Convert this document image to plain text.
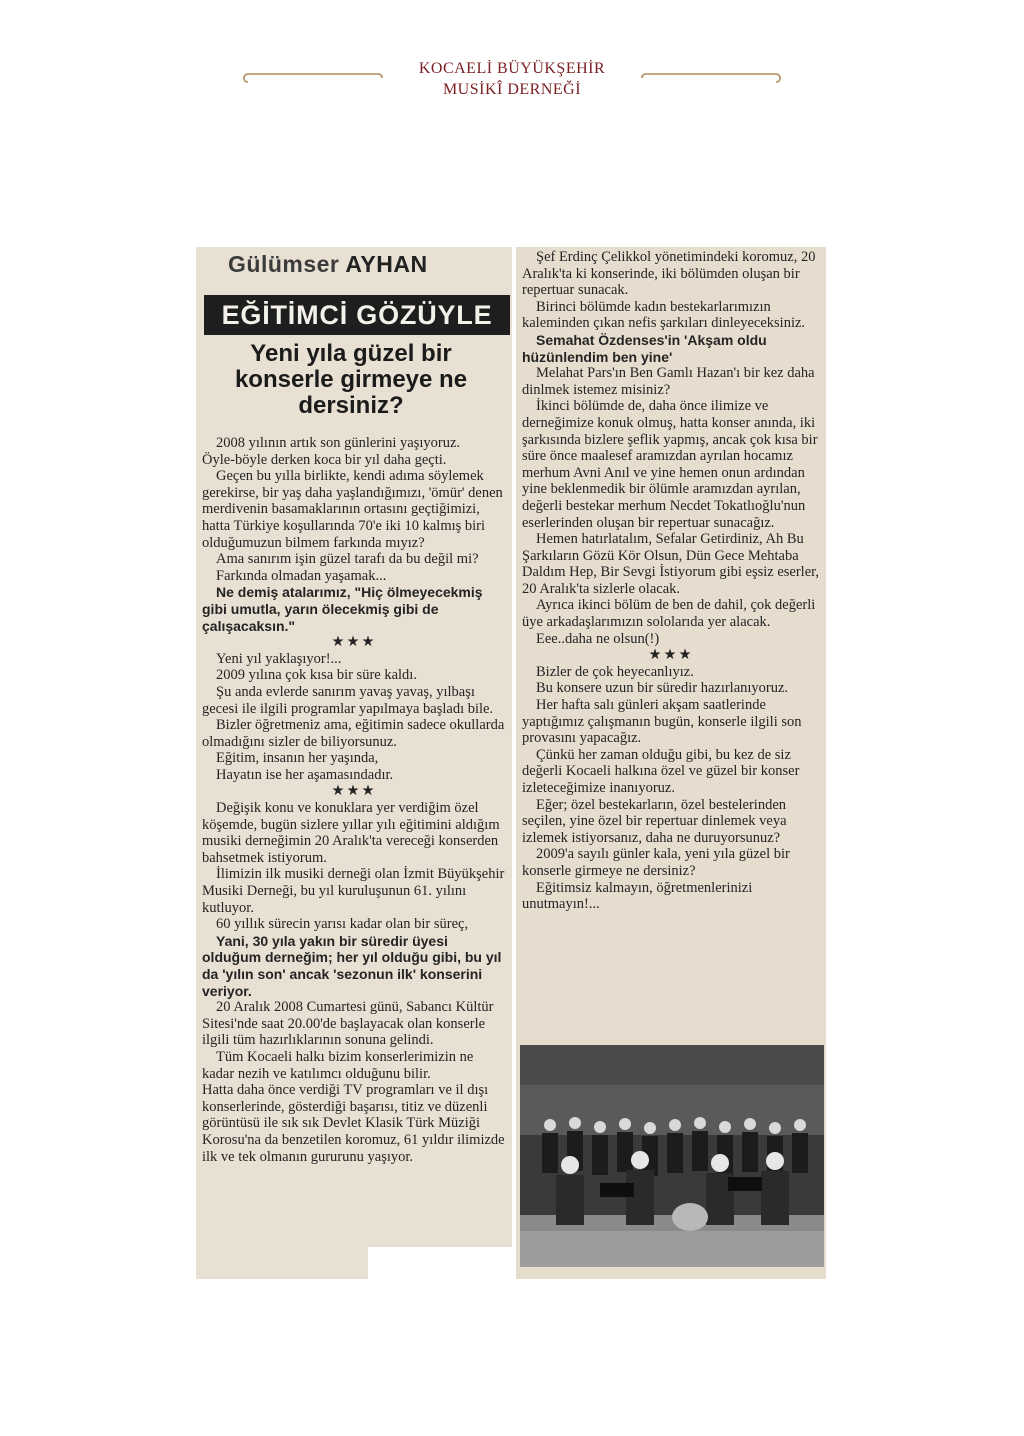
KOCAELİ BÜYÜKŞEHİR
MUSİKÎ DERNEĞİ
Gülümser AYHAN
EĞİTİMCİ GÖZÜYLE
Yeni yıla güzel bir konserle girmeye ne dersiniz?

2008 yılının artık son günlerini yaşıyoruz.

Öyle-böyle derken koca bir yıl daha geçti.

Geçen bu yılla birlikte, kendi adıma söylemek gerekirse, bir yaş daha yaşlandığımızı, 'ömür' denen merdivenin basamaklarının ortasını geçtiğimizi, hatta Türkiye koşullarında 70'e iki 10 kalmış biri olduğumuzun bilmem farkında mıyız?

Ama sanırım işin güzel tarafı da bu değil mi?

Farkında olmadan yaşamak...

Ne demiş atalarımız, "Hiç ölmeyecekmiş gibi umutla, yarın ölecekmiş gibi de çalışacaksın."

★★★

Yeni yıl yaklaşıyor!...

2009 yılına çok kısa bir süre kaldı.

Şu anda evlerde sanırım yavaş yavaş, yılbaşı gecesi ile ilgili programlar yapılmaya başladı bile.

Bizler öğretmeniz ama, eğitimin sadece okullarda olmadığını sizler de biliyorsunuz.

Eğitim, insanın her yaşında,

Hayatın ise her aşamasındadır.

★★★

Değişik konu ve konuklara yer verdiğim özel köşemde, bugün sizlere yıllar yılı eğitimini aldığım musiki derneğimin 20 Aralık'ta vereceği konserden bahsetmek istiyorum.

İlimizin ilk musiki derneği olan İzmit Büyükşehir Musiki Derneği, bu yıl kuruluşunun 61. yılını kutluyor.

60 yıllık sürecin yarısı kadar olan bir süreç,

Yani, 30 yıla yakın bir süredir üyesi olduğum derneğim; her yıl olduğu gibi, bu yıl da 'yılın son' ancak 'sezonun ilk' konserini veriyor.

20 Aralık 2008 Cumartesi günü, Sabancı Kültür Sitesi'nde saat 20.00'de başlayacak olan konserle ilgili tüm hazırlıklarının sonuna gelindi.

Tüm Kocaeli halkı bizim konserlerimizin ne kadar nezih ve katılımcı olduğunu bilir.

Hatta daha önce verdiği TV programları ve il dışı konserlerinde, gösterdiği başarısı, titiz ve düzenli görüntüsü ile sık sık Devlet Klasik Türk Müziği Korosu'na da benzetilen koromuz, 61 yıldır ilimizde ilk ve tek olmanın gururunu yaşıyor.

Şef Erdinç Çelikkol yönetimindeki koromuz, 20 Aralık'ta ki konserinde, iki bölümden oluşan bir repertuar sunacak.

Birinci bölümde kadın bestekarlarımızın kaleminden çıkan nefis şarkıları dinleyeceksiniz.

Semahat Özdenses'in 'Akşam oldu hüzünlendim ben yine'

Melahat Pars'ın Ben Gamlı Hazan'ı bir kez daha dinlmek istemez misiniz?

İkinci bölümde de, daha önce ilimize ve derneğimize konuk olmuş, hatta konser anında, iki şarkısında bizlere şeflik yapmış, ancak çok kısa bir süre önce maalesef aramızdan ayrılan hocamız merhum Avni Anıl ve yine hemen onun ardından yine beklenmedik bir ölümle aramızdan ayrılan, değerli bestekar merhum Necdet Tokatlıoğlu'nun eserlerinden oluşan bir repertuar sunacağız.

Hemen hatırlatalım, Sefalar Getirdiniz, Ah Bu Şarkıların Gözü Kör Olsun, Dün Gece Mehtaba Daldım Hep, Bir Sevgi İstiyorum gibi eşsiz eserler, 20 Aralık'ta sizlerle olacak.

Ayrıca ikinci bölüm de ben de dahil, çok değerli üye arkadaşlarımızın sololarıda yer alacak.

Eee..daha ne olsun(!)

★★★

Bizler de çok heyecanlıyız.

Bu konsere uzun bir süredir hazırlanıyoruz.

Her hafta salı günleri akşam saatlerinde yaptığımız çalışmanın bugün, konserle ilgili son provasını yapacağız.

Çünkü her zaman olduğu gibi, bu kez de siz değerli Kocaeli halkına özel ve güzel bir konser izleteceğimize inanıyoruz.

Eğer; özel bestekarların, özel bestelerinden seçilen, yine özel bir repertuar dinlemek veya izlemek istiyorsanız, daha ne duruyorsunuz?

2009'a sayılı günler kala, yeni yıla güzel bir konserle girmeye ne dersiniz?

Eğitimsiz kalmayın, öğretmenlerinizi unutmayın!...
